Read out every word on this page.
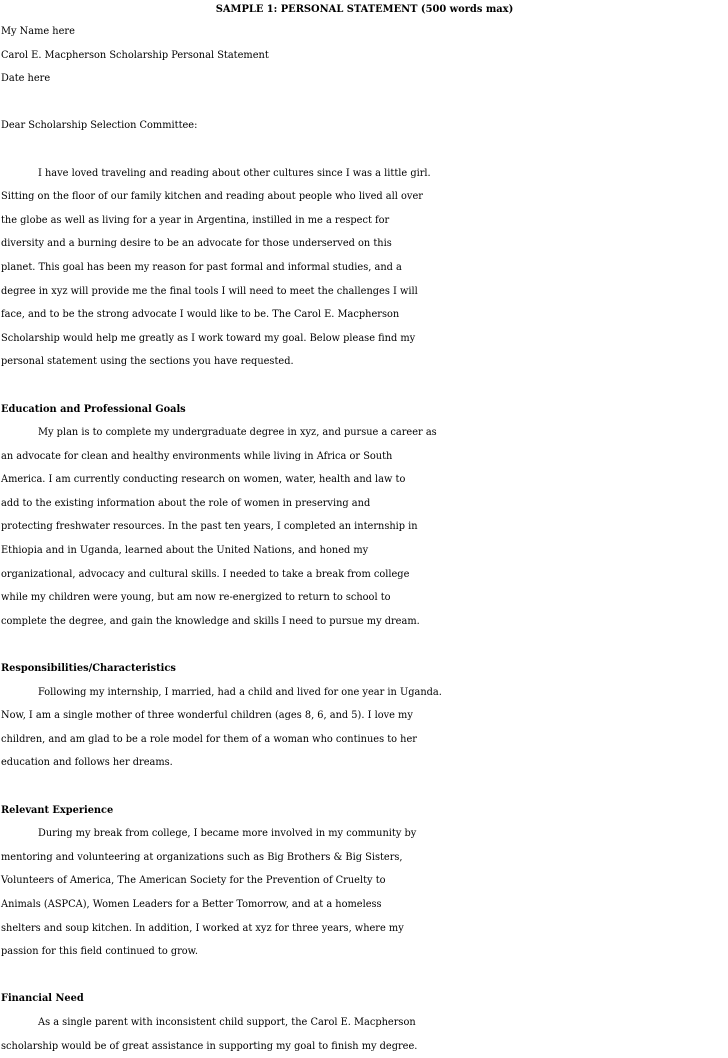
SAMPLE 1: PERSONAL STATEMENT (500 words max)
My Name here
Carol E. Macpherson Scholarship Personal Statement
Date here
Dear Scholarship Selection Committee:
I have loved traveling and reading about other cultures since I was a little girl.
Sitting on the floor of our family kitchen and reading about people who lived all over
the globe as well as living for a year in Argentina, instilled in me a respect for
diversity and a burning desire to be an advocate for those underserved on this
planet. This goal has been my reason for past formal and informal studies, and a
degree in xyz will provide me the final tools I will need to meet the challenges I will
face, and to be the strong advocate I would like to be. The Carol E. Macpherson
Scholarship would help me greatly as I work toward my goal. Below please find my
personal statement using the sections you have requested.
Education and Professional Goals
My plan is to complete my undergraduate degree in xyz, and pursue a career as
an advocate for clean and healthy environments while living in Africa or South
America. I am currently conducting research on women, water, health and law to
add to the existing information about the role of women in preserving and
protecting freshwater resources. In the past ten years, I completed an internship in
Ethiopia and in Uganda, learned about the United Nations, and honed my
organizational, advocacy and cultural skills. I needed to take a break from college
while my children were young, but am now re-energized to return to school to
complete the degree, and gain the knowledge and skills I need to pursue my dream.
Responsibilities/Characteristics
Following my internship, I married, had a child and lived for one year in Uganda.
Now, I am a single mother of three wonderful children (ages 8, 6, and 5). I love my
children, and am glad to be a role model for them of a woman who continues to her
education and follows her dreams.
Relevant Experience
During my break from college, I became more involved in my community by
mentoring and volunteering at organizations such as Big Brothers & Big Sisters,
Volunteers of America, The American Society for the Prevention of Cruelty to
Animals (ASPCA), Women Leaders for a Better Tomorrow, and at a homeless
shelters and soup kitchen. In addition, I worked at xyz for three years, where my
passion for this field continued to grow.
Financial Need
As a single parent with inconsistent child support, the Carol E. Macpherson
scholarship would be of great assistance in supporting my goal to finish my degree.
